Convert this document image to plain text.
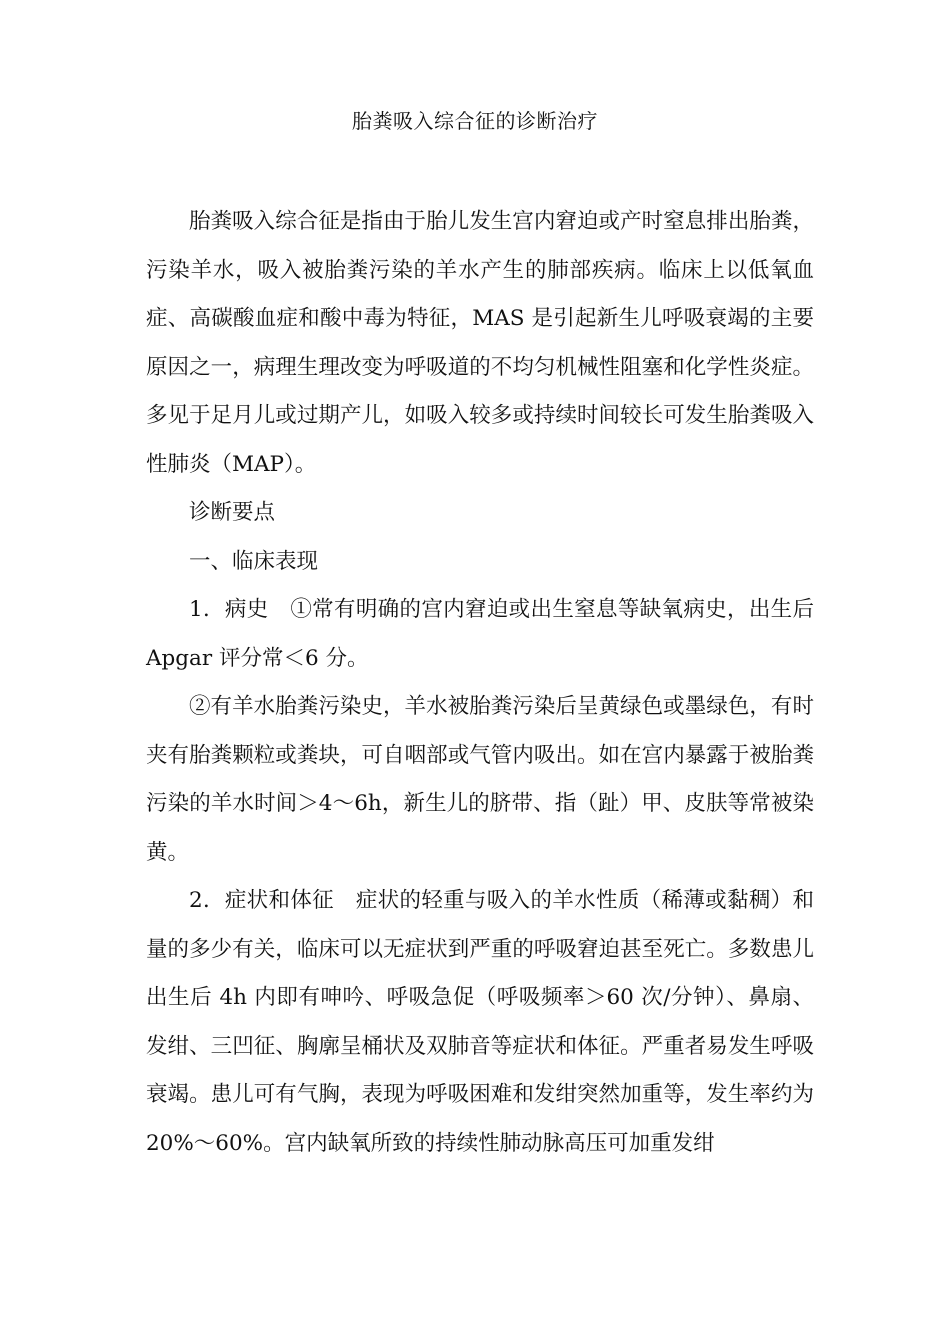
胎粪吸入综合征的诊断治疗

胎粪吸入综合征是指由于胎儿发生宫内窘迫或产时窒息排出胎粪，污染羊水，吸入被胎粪污染的羊水产生的肺部疾病。临床上以低氧血症、高碳酸血症和酸中毒为特征，MAS 是引起新生儿呼吸衰竭的主要原因之一，病理生理改变为呼吸道的不均匀机械性阻塞和化学性炎症。多见于足月儿或过期产儿，如吸入较多或持续时间较长可发生胎粪吸入性肺炎（MAP）。

诊断要点

一、临床表现

1．病史　①常有明确的宫内窘迫或出生窒息等缺氧病史，出生后 Apgar 评分常＜6 分。

②有羊水胎粪污染史，羊水被胎粪污染后呈黄绿色或墨绿色，有时夹有胎粪颗粒或粪块，可自咽部或气管内吸出。如在宫内暴露于被胎粪污染的羊水时间＞4～6h，新生儿的脐带、指（趾）甲、皮肤等常被染黄。

2．症状和体征　症状的轻重与吸入的羊水性质（稀薄或黏稠）和量的多少有关，临床可以无症状到严重的呼吸窘迫甚至死亡。多数患儿出生后 4h 内即有呻吟、呼吸急促（呼吸频率＞60 次/分钟）、鼻扇、发绀、三凹征、胸廓呈桶状及双肺音等症状和体征。严重者易发生呼吸衰竭。患儿可有气胸，表现为呼吸困难和发绀突然加重等，发生率约为 20%～60%。宫内缺氧所致的持续性肺动脉高压可加重发绀
